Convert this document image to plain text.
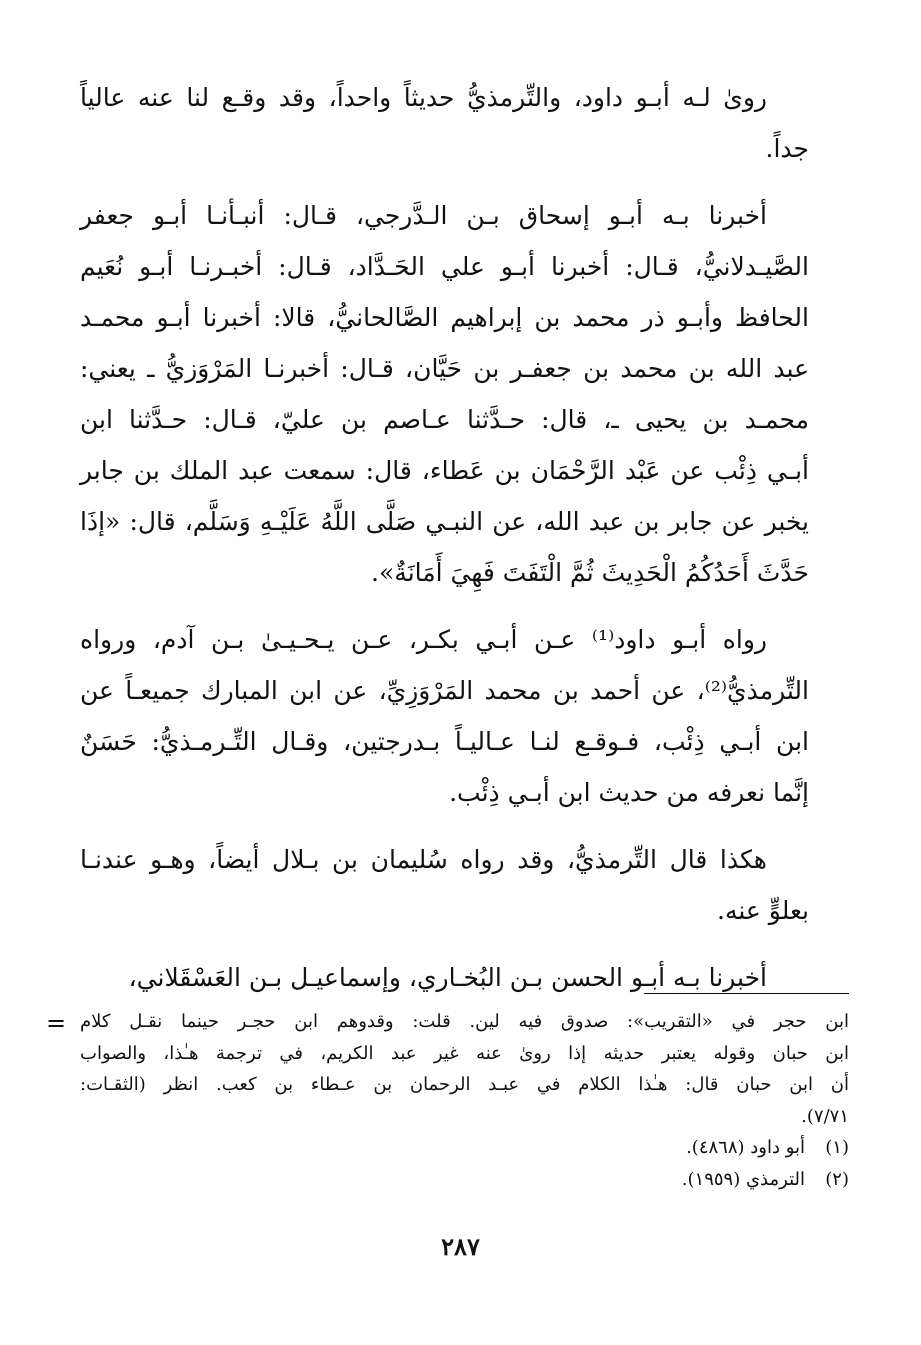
روىٰ لـه أبـو داود، والتِّرمذيُّ حديثاً واحداً، وقد وقـع لنا عنه عالياً
جداً.

أخبرنا بـه أبـو إسحاق بـن الـدَّرجي، قـال: أنبـأنـا أبـو جعفر
الصَّيـدلانيُّ، قـال: أخبرنا أبـو علي الحَـدَّاد، قـال: أخبـرنـا أبـو نُعَيم
الحافظ وأبـو ذر محمد بن إبراهيم الصَّالحانيُّ، قالا: أخبرنا أبـو محمـد
عبد الله بن محمد بن جعفـر بن حَيَّان، قـال: أخبرنـا المَرْوَزيُّ ـ يعني:
محمـد بن يحيى ـ، قال: حـدَّثنا عـاصم بن عليّ، قـال: حـدَّثنا ابن
أبـي ذِئْب عن عَبْد الرَّحْمَان بن عَطاء، قال: سمعت عبد الملك بن جابر
يخبر عن جابر بن عبد الله، عن النبـي صَلَّى اللَّهُ عَلَيْـهِ وَسَلَّم، قال: «إذَا
حَدَّثَ أَحَدُكُمُ الْحَدِيثَ ثُمَّ الْتَفَتَ فَهِيَ أَمَانَةٌ».

رواه أبـو داود⁽¹⁾ عـن أبـي بكـر، عـن يـحـيـىٰ بـن آدم، ورواه
التِّرمذيُّ⁽²⁾، عن أحمد بن محمد المَرْوَزِيِّ، عن ابن المبارك جميعـاً عن
ابن أبـي ذِئْب، فـوقـع لنـا عـاليـاً بـدرجتين، وقـال التِّـرمـذيُّ: حَسَنٌ
إنَّما نعرفه من حديث ابن أبـي ذِئْب.

هكذا قال التِّرمذيُّ، وقد رواه سُليمان بن بـلال أيضاً، وهـو عندنـا
بعلوٍّ عنه.

أخبرنا بـه أبـو الحسن بـن البُخـاري، وإسماعيـل بـن العَسْقَلاني،

= ابن حجر في «التقريب»: صدوق فيه لين. قلت: وقدوهم ابن حجـر حينما نقـل كلام
ابن حبان وقوله يعتبر حديثه إذا روىٰ عنه غير عبد الكريم، في ترجمة هـٰذا، والصواب
أن ابن حبان قال: هـٰذا الكلام في عبـد الرحمان بن عـطاء بن كعب. انظر (الثقـات:
٧/٧١).
(١)أبو داود (٤٨٦٨).
(٢)الترمذي (١٩٥٩).
٢٨٧
